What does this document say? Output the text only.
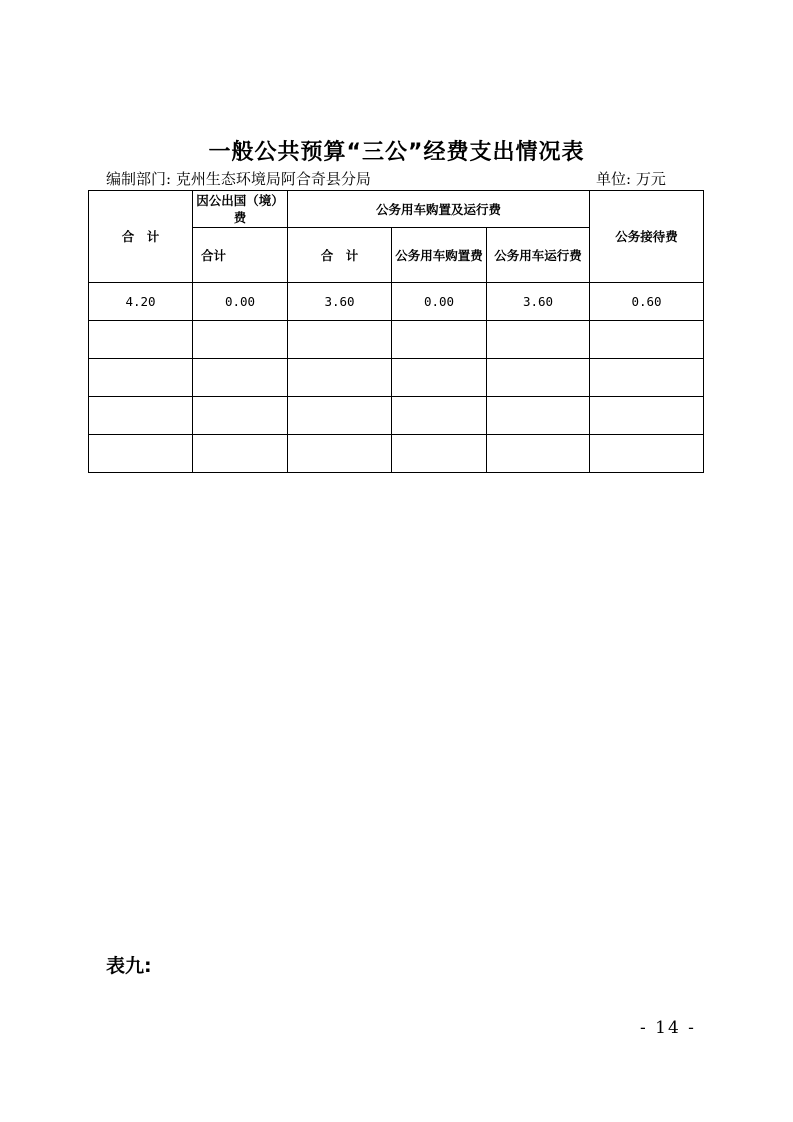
一般公共预算“三公”经费支出情况表
编制部门: 克州生态环境局阿合奇县分局	单位: 万元
合　计	因公出国（境）费	公务用车购置及运行费			公务接待费
	合计	合　计	公务用车购置费	公务用车运行费	
4.20	0.00	3.60	0.00	3.60	0.60

表九:
- 14 -
